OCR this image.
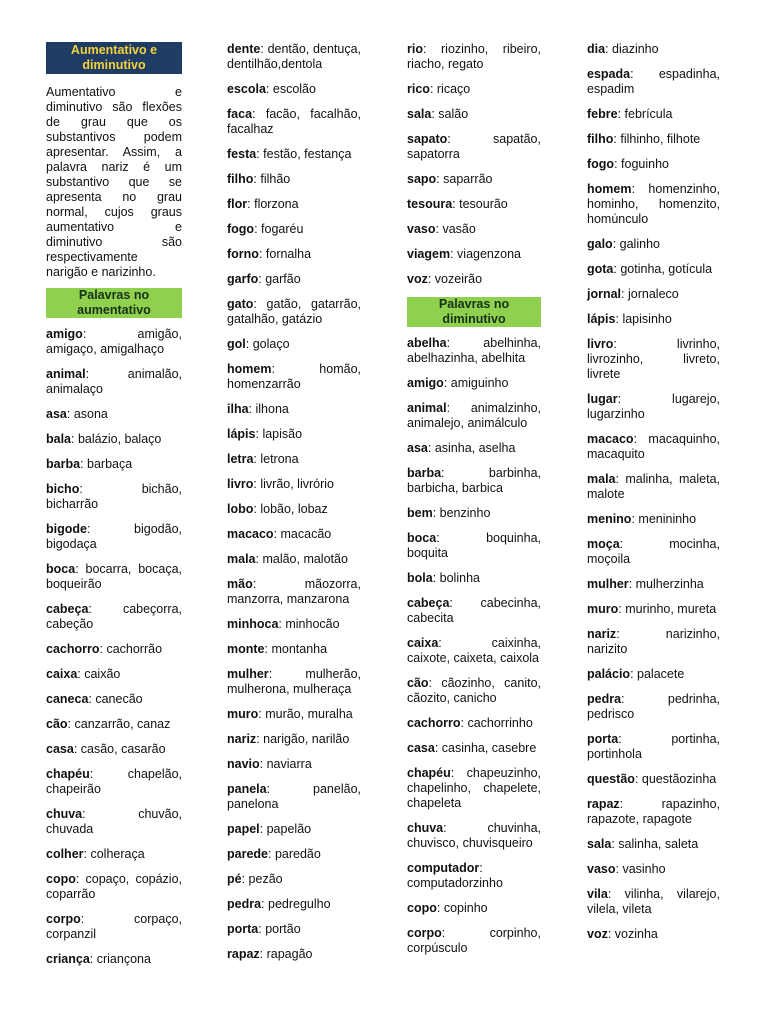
Aumentativo e diminutivo
Aumentativo e diminutivo são flexões de grau que os substantivos podem apresentar. Assim, a palavra nariz é um substantivo que se apresenta no grau normal, cujos graus aumentativo e diminutivo são respectivamente narigão e narizinho.
Palavras no aumentativo
amigo: amigão, amigaço, amigalhaço
animal: animalão, animalaço
asa: asona
bala: balázio, balaço
barba: barbaça
bicho: bichão, bicharrão
bigode: bigodão, bigodaça
boca: bocarra, bocaça, boqueirão
cabeça: cabeçorra, cabeção
cachorro: cachorrão
caixa: caixão
caneca: canecão
cão: canzarrão, canaz
casa: casão, casarão
chapéu: chapelão, chapeirão
chuva: chuvão, chuvada
colher: colheraça
copo: copaço, copázio, coparrão
corpo: corpaço, corpanzil
criança: criançona
dente: dentão, dentuça, dentilhão,dentola
escola: escolão
faca: facão, facalhão, facalhaz
festa: festão, festança
filho: filhão
flor: florzona
fogo: fogaréu
forno: fornalha
garfo: garfão
gato: gatão, gatarrão, gatalhão, gatázio
gol: golaço
homem: homão, homenzarrão
ilha: ilhona
lápis: lapisão
letra: letrona
livro: livrão, livrório
lobo: lobão, lobaz
macaco: macacão
mala: malão, malotão
mão: mãozorra, manzorra, manzarona
minhoca: minhocão
monte: montanha
mulher: mulherão, mulherona, mulheraça
muro: murão, muralha
nariz: narigão, narilão
navio: naviarra
panela: panelão, panelona
papel: papelão
parede: paredão
pé: pezão
pedra: pedregulho
porta: portão
rapaz: rapagão
rio: riozinho, ribeiro, riacho, regato
rico: ricaço
sala: salão
sapato: sapatão, sapatorra
sapo: saparrão
tesoura: tesourão
vaso: vasão
viagem: viagenzona
voz: vozeirão
Palavras no diminutivo
abelha: abelhinha, abelhazinha, abelhita
amigo: amiguinho
animal: animalzinho, animalejo, animálculo
asa: asinha, aselha
barba: barbinha, barbicha, barbica
bem: benzinho
boca: boquinha, boquita
bola: bolinha
cabeça: cabecinha, cabecita
caixa: caixinha, caixote, caixeta, caixola
cão: cãozinho, canito, cãozito, canicho
cachorro: cachorrinho
casa: casinha, casebre
chapéu: chapeuzinho, chapelinho, chapelete, chapeleta
chuva: chuvinha, chuvisco, chuvisqueiro
computador: computadorzinho
copo: copinho
corpo: corpinho, corpúsculo
dia: diazinho
espada: espadinha, espadim
febre: febrícula
filho: filhinho, filhote
fogo: foguinho
homem: homenzinho, hominho, homenzito, homúnculo
galo: galinho
gota: gotinha, gotícula
jornal: jornaleco
lápis: lapisinho
livro: livrinho, livrozinho, livreto, livrete
lugar: lugarejo, lugarzinho
macaco: macaquinho, macaquito
mala: malinha, maleta, malote
menino: menininho
moça: mocinha, moçoila
mulher: mulherzinha
muro: murinho, mureta
nariz: narizinho, narizito
palácio: palacete
pedra: pedrinha, pedrisco
porta: portinha, portinhola
questão: questãozinha
rapaz: rapazinho, rapazote, rapagote
sala: salinha, saleta
vaso: vasinho
vila: vilinha, vilarejo, vilela, vileta
voz: vozinha
